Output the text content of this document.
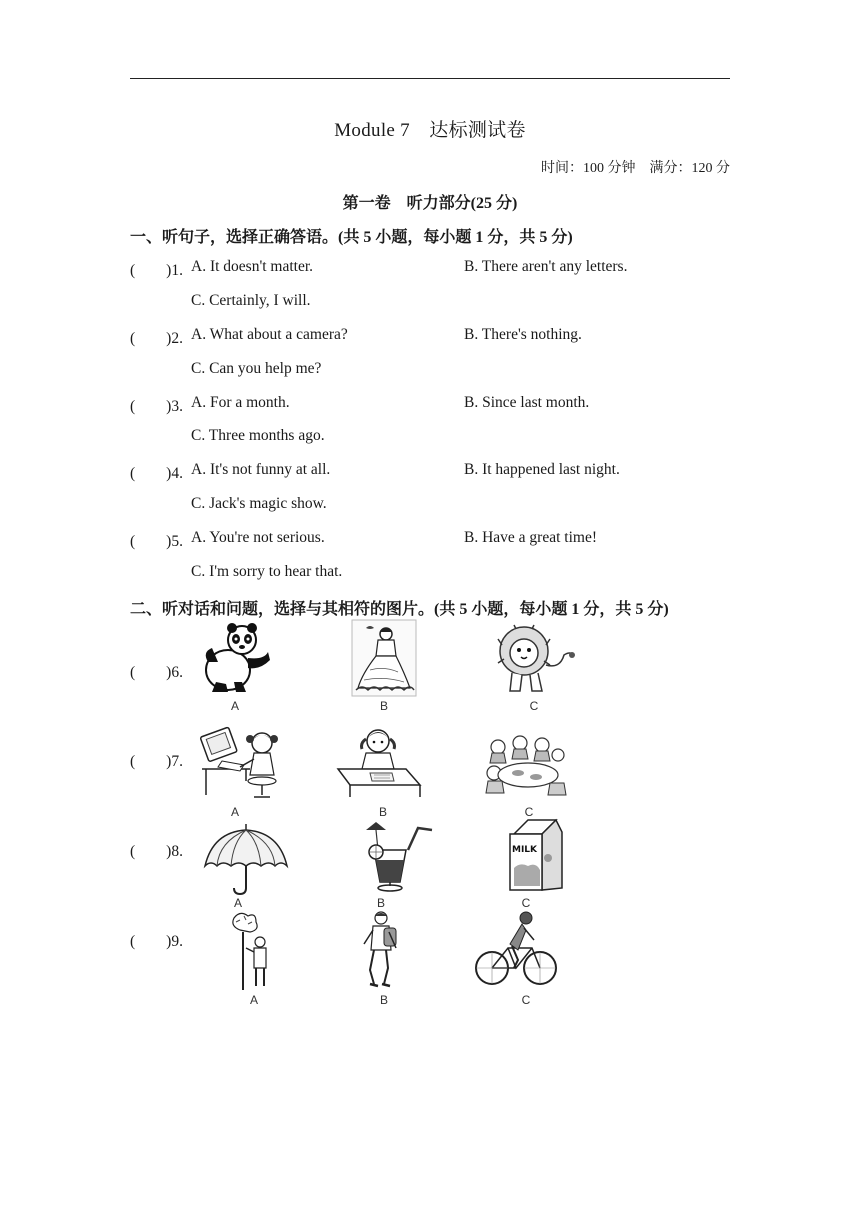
Module 7　达标测试卷
时间：100 分钟　满分：120 分
第一卷　听力部分(25 分)
一、听句子，选择正确答语。(共 5 小题，每小题 1 分，共 5 分)
(　　)1. A. It doesn't matter.	B. There aren't any letters.
C. Certainly, I will.
(　　)2. A. What about a camera?	B. There's nothing.
C. Can you help me?
(　　)3. A. For a month.	B. Since last month.
C. Three months ago.
(　　)4. A. It's not funny at all.	B. It happened last night.
C. Jack's magic show.
(　　)5. A. You're not serious.	B. Have a great time!
C. I'm sorry to hear that.
二、听对话和问题，选择与其相符的图片。(共 5 小题，每小题 1 分，共 5 分)
(　　)6.
A	B	C
(　　)7.
A	B	C
(　　)8.
A	B
MILK
C
(　　)9.
A	B	C
